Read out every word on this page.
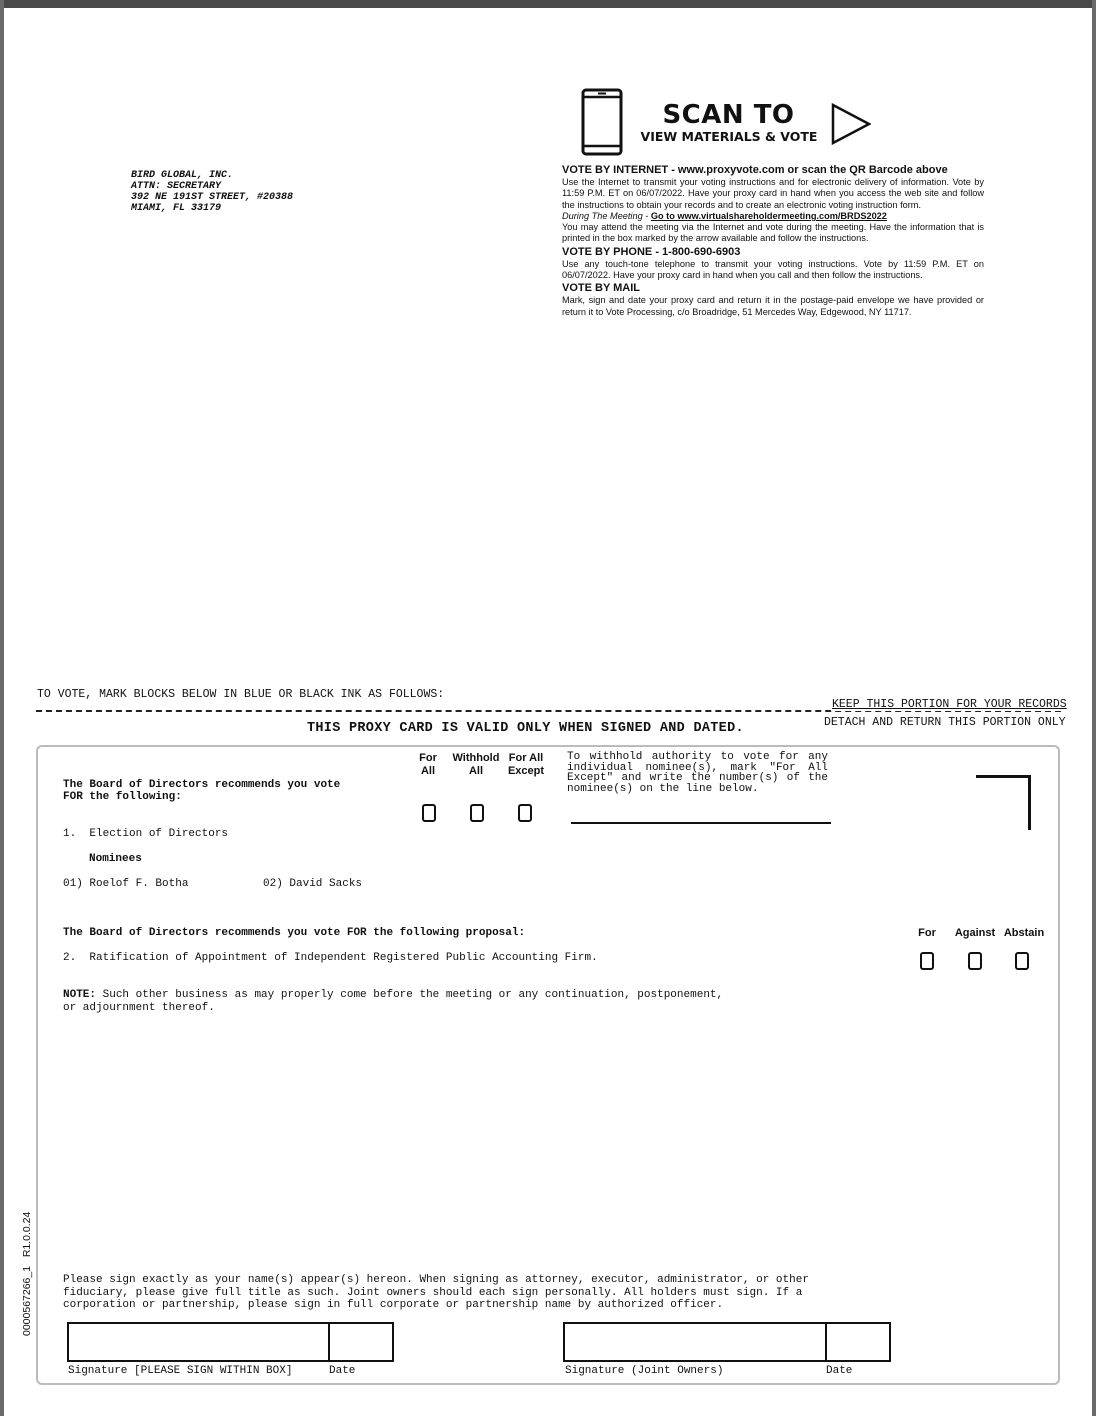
BIRD GLOBAL, INC.
ATTN: SECRETARY
392 NE 191ST STREET, #20388
MIAMI, FL 33179
SCAN TO
VIEW MATERIALS & VOTE
VOTE BY INTERNET - www.proxyvote.com or scan the QR Barcode above

Use the Internet to transmit your voting instructions and for electronic delivery of information. Vote by 11:59 P.M. ET on 06/07/2022. Have your proxy card in hand when you access the web site and follow the instructions to obtain your records and to create an electronic voting instruction form.

During The Meeting - Go to www.virtualshareholdermeeting.com/BRDS2022

You may attend the meeting via the Internet and vote during the meeting. Have the information that is printed in the box marked by the arrow available and follow the instructions.

VOTE BY PHONE - 1-800-690-6903

Use any touch-tone telephone to transmit your voting instructions. Vote by 11:59 P.M. ET on 06/07/2022. Have your proxy card in hand when you call and then follow the instructions.

VOTE BY MAIL

Mark, sign and date your proxy card and return it in the postage-paid envelope we have provided or return it to Vote Processing, c/o Broadridge, 51 Mercedes Way, Edgewood, NY 11717.

TO VOTE, MARK BLOCKS BELOW IN BLUE OR BLACK INK AS FOLLOWS:
KEEP THIS PORTION FOR YOUR RECORDS
THIS PROXY CARD IS VALID ONLY WHEN SIGNED AND DATED.	DETACH AND RETURN THIS PORTION ONLY
The Board of Directors recommends you vote FOR the following:
For
All
Withhold
All
For All
Except
To withhold authority to vote for any individual nominee(s), mark "For All Except" and write the number(s) of the nominee(s) on the line below.
1.  Election of Directors
Nominees
01) Roelof F. Botha	02) David Sacks
The Board of Directors recommends you vote FOR the following proposal:	For	Against Abstain
2.  Ratification of Appointment of Independent Registered Public Accounting Firm.
NOTE: Such other business as may properly come before the meeting or any continuation, postponement, or adjournment thereof.
Please sign exactly as your name(s) appear(s) hereon. When signing as attorney, executor, administrator, or other fiduciary, please give full title as such. Joint owners should each sign personally. All holders must sign. If a corporation or partnership, please sign in full corporate or partnership name by authorized officer.
Signature [PLEASE SIGN WITHIN BOX]	Date	Signature (Joint Owners)	Date
0000567266_1   R1.0.0.24
